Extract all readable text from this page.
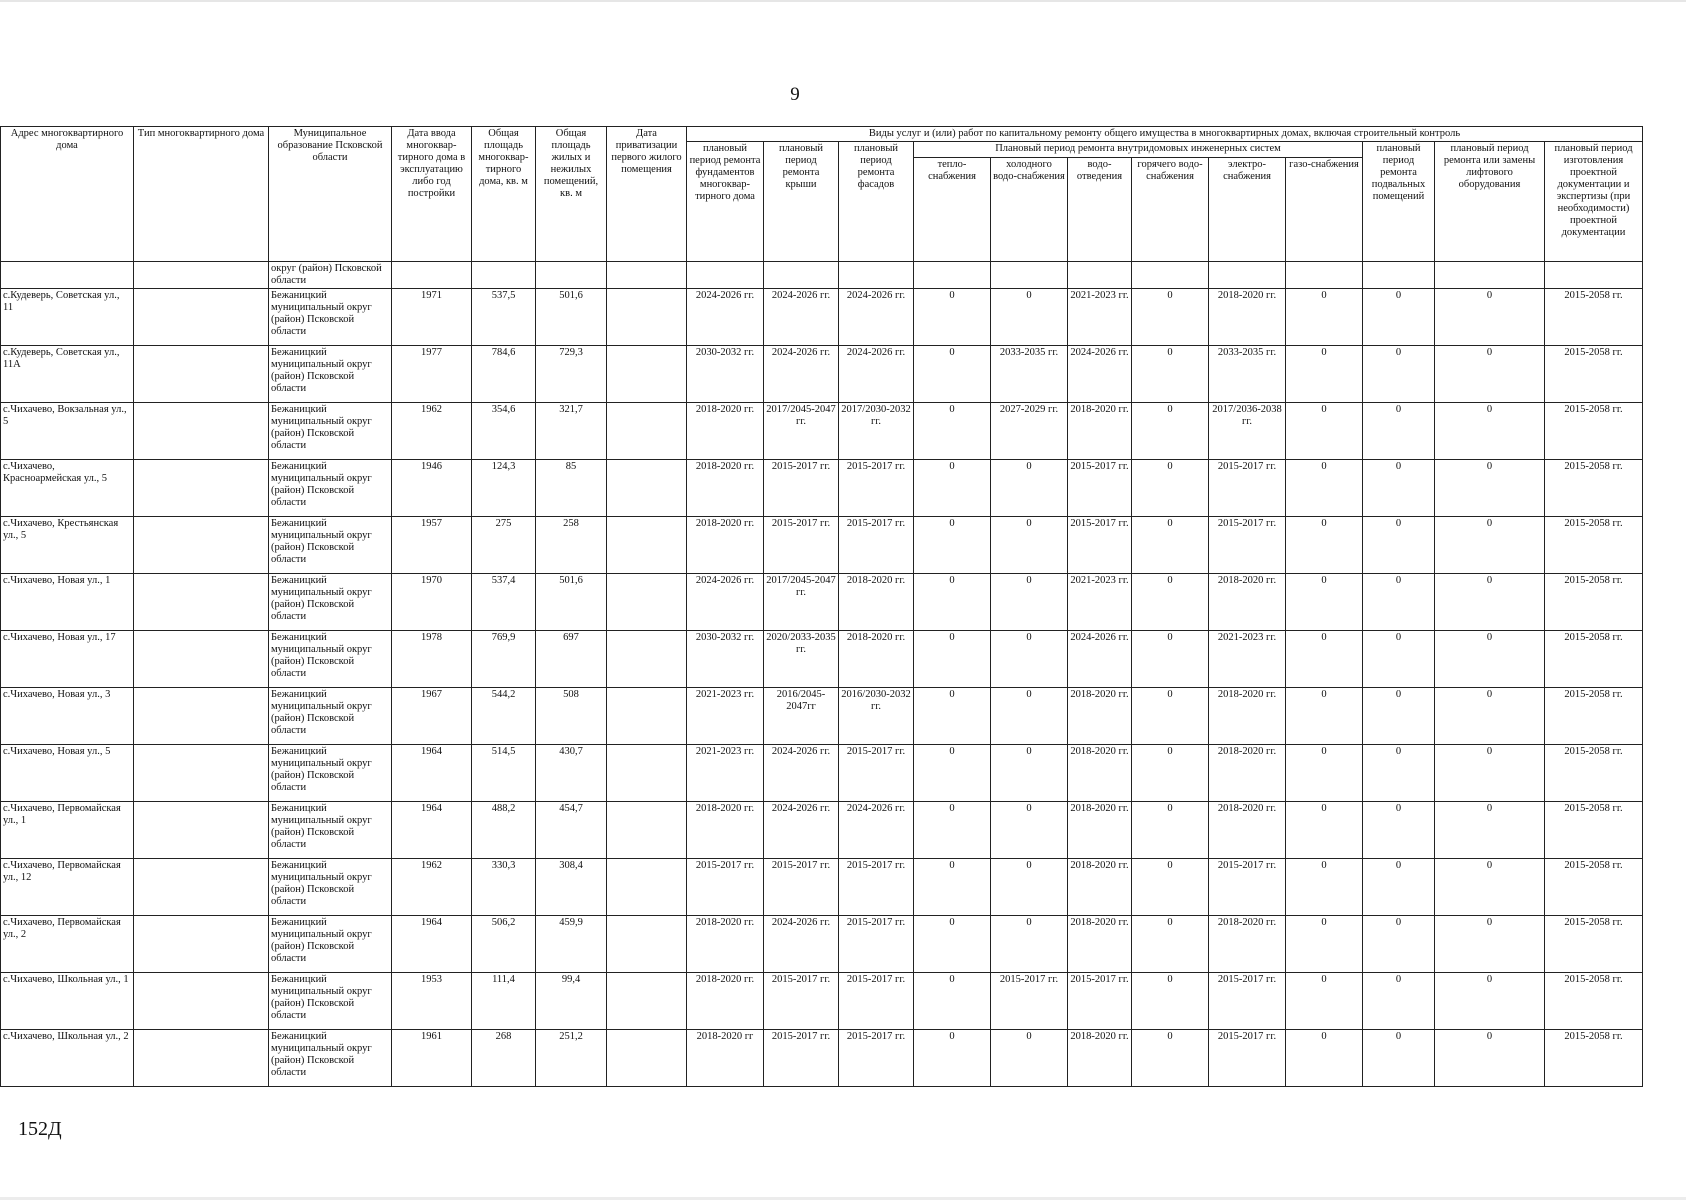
9
Адрес многоквартирного дома	Тип многоквартирного дома	Муниципальное образование Псковской области	Дата ввода многоквар-тирного дома в эксплуатацию либо год постройки	Общая площадь многоквар-тирного дома, кв. м	Общая площадь жилых и нежилых помещений, кв. м	Дата приватизации первого жилого помещения	Виды услуг и (или) работ по капитальному ремонту общего имущества в многоквартирных домах, включая строительный контроль											
							плановый период ремонта фундаментов многоквар-тирного дома	плановый период ремонта крыши	плановый период ремонта фасадов	Плановый период ремонта внутридомовых инженерных систем						плановый период ремонта подвальных помещений	плановый период ремонта или замены лифтового оборудования	плановый период изготовления проектной документации и экспертизы (при необходимости) проектной документации
										тепло-снабжения	холодного водо-снабжения	водо-отведения	горячего водо-снабжения	электро-снабжения	газо-снабжения			
		округ (район) Псковской области																
с.Кудеверь, Советская ул., 11		Бежаницкий муниципальный округ (район) Псковской области	1971	537,5	501,6		2024-2026 гг.	2024-2026 гг.	2024-2026 гг.	0	0	2021-2023 гг.	0	2018-2020 гг.	0	0	0	2015-2058 гг.
с.Кудеверь, Советская ул., 11А		Бежаницкий муниципальный округ (район) Псковской области	1977	784,6	729,3		2030-2032 гг.	2024-2026 гг.	2024-2026 гг.	0	2033-2035 гг.	2024-2026 гг.	0	2033-2035 гг.	0	0	0	2015-2058 гг.
с.Чихачево, Вокзальная ул., 5		Бежаницкий муниципальный округ (район) Псковской области	1962	354,6	321,7		2018-2020 гг.	2017/2045-2047 гг.	2017/2030-2032 гг.	0	2027-2029 гг.	2018-2020 гг.	0	2017/2036-2038 гг.	0	0	0	2015-2058 гг.
с.Чихачево, Красноармейская ул., 5		Бежаницкий муниципальный округ (район) Псковской области	1946	124,3	85		2018-2020 гг.	2015-2017 гг.	2015-2017 гг.	0	0	2015-2017 гг.	0	2015-2017 гг.	0	0	0	2015-2058 гг.
с.Чихачево, Крестьянская ул., 5		Бежаницкий муниципальный округ (район) Псковской области	1957	275	258		2018-2020 гг.	2015-2017 гг.	2015-2017 гг.	0	0	2015-2017 гг.	0	2015-2017 гг.	0	0	0	2015-2058 гг.
с.Чихачево, Новая ул., 1		Бежаницкий муниципальный округ (район) Псковской области	1970	537,4	501,6		2024-2026 гг.	2017/2045-2047 гг.	2018-2020 гг.	0	0	2021-2023 гг.	0	2018-2020 гг.	0	0	0	2015-2058 гг.
с.Чихачево, Новая ул., 17		Бежаницкий муниципальный округ (район) Псковской области	1978	769,9	697		2030-2032 гг.	2020/2033-2035 гг.	2018-2020 гг.	0	0	2024-2026 гг.	0	2021-2023 гг.	0	0	0	2015-2058 гг.
с.Чихачево, Новая ул., 3		Бежаницкий муниципальный округ (район) Псковской области	1967	544,2	508		2021-2023 гг.	2016/2045-2047гг	2016/2030-2032 гг.	0	0	2018-2020 гг.	0	2018-2020 гг.	0	0	0	2015-2058 гг.
с.Чихачево, Новая ул., 5		Бежаницкий муниципальный округ (район) Псковской области	1964	514,5	430,7		2021-2023 гг.	2024-2026 гг.	2015-2017 гг.	0	0	2018-2020 гг.	0	2018-2020 гг.	0	0	0	2015-2058 гг.
с.Чихачево, Первомайская ул., 1		Бежаницкий муниципальный округ (район) Псковской области	1964	488,2	454,7		2018-2020 гг.	2024-2026 гг.	2024-2026 гг.	0	0	2018-2020 гг.	0	2018-2020 гг.	0	0	0	2015-2058 гг.
с.Чихачево, Первомайская ул., 12		Бежаницкий муниципальный округ (район) Псковской области	1962	330,3	308,4		2015-2017 гг.	2015-2017 гг.	2015-2017 гг.	0	0	2018-2020 гг.	0	2015-2017 гг.	0	0	0	2015-2058 гг.
с.Чихачево, Первомайская ул., 2		Бежаницкий муниципальный округ (район) Псковской области	1964	506,2	459,9		2018-2020 гг.	2024-2026 гг.	2015-2017 гг.	0	0	2018-2020 гг.	0	2018-2020 гг.	0	0	0	2015-2058 гг.
с.Чихачево, Школьная ул., 1		Бежаницкий муниципальный округ (район) Псковской области	1953	111,4	99,4		2018-2020 гг.	2015-2017 гг.	2015-2017 гг.	0	2015-2017 гг.	2015-2017 гг.	0	2015-2017 гг.	0	0	0	2015-2058 гг.
с.Чихачево, Школьная ул., 2		Бежаницкий муниципальный округ (район) Псковской области	1961	268	251,2		2018-2020 гг	2015-2017 гг.	2015-2017 гг.	0	0	2018-2020 гг.	0	2015-2017 гг.	0	0	0	2015-2058 гг.
152Д
